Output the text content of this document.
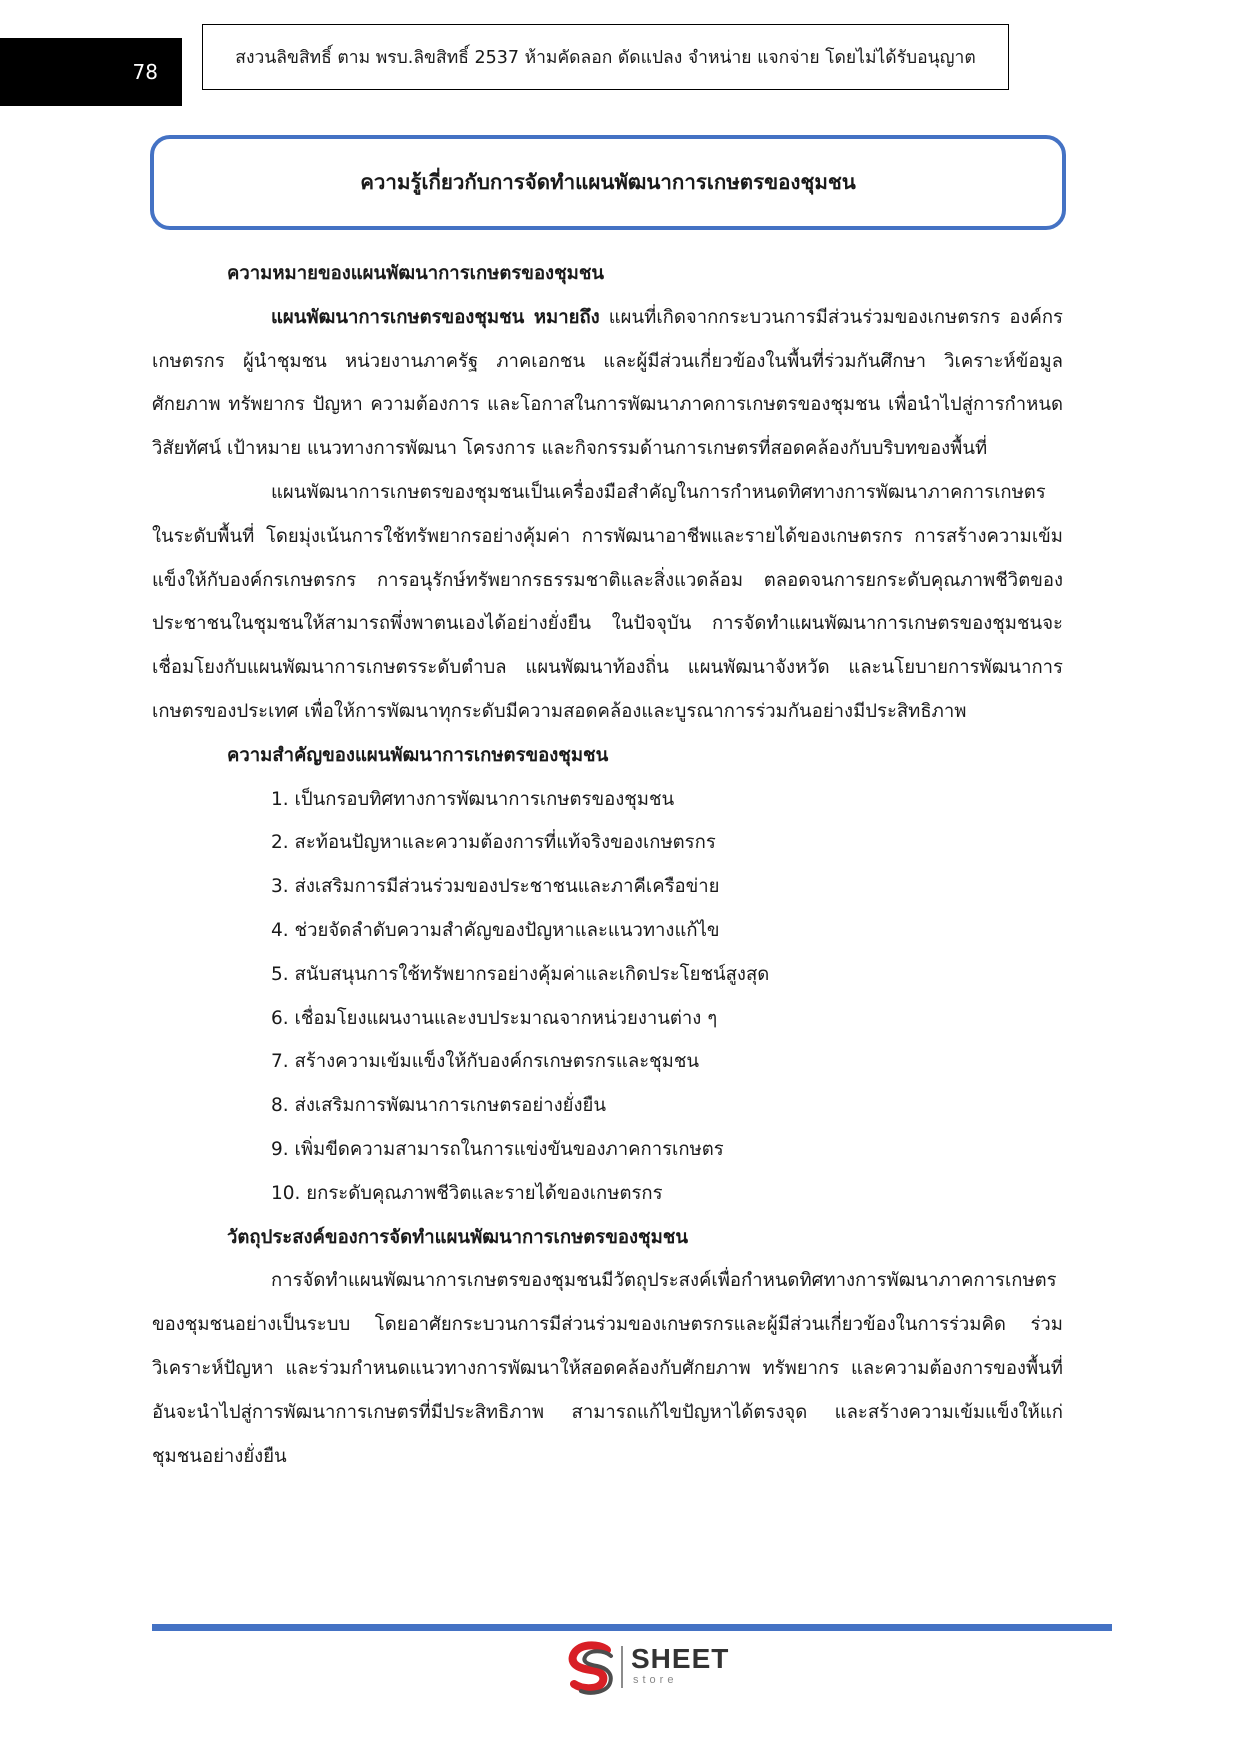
78
สงวนลิขสิทธิ์ ตาม พรบ.ลิขสิทธิ์ 2537 ห้ามคัดลอก ดัดแปลง จำหน่าย แจกจ่าย โดยไม่ได้รับอนุญาต
ความรู้เกี่ยวกับการจัดทำแผนพัฒนาการเกษตรของชุมชน

ความหมายของแผนพัฒนาการเกษตรของชุมชน

แผนพัฒนาการเกษตรของชุมชน หมายถึง แผนที่เกิดจากกระบวนการมีส่วนร่วมของเกษตรกร องค์กรเกษตรกร ผู้นำชุมชน หน่วยงานภาครัฐ ภาคเอกชน และผู้มีส่วนเกี่ยวข้องในพื้นที่ร่วมกันศึกษา วิเคราะห์ข้อมูล ศักยภาพ ทรัพยากร ปัญหา ความต้องการ และโอกาสในการพัฒนาภาคการเกษตรของชุมชน เพื่อนำไปสู่การกำหนดวิสัยทัศน์ เป้าหมาย แนวทางการพัฒนา โครงการ และกิจกรรมด้านการเกษตรที่สอดคล้องกับบริบทของพื้นที่

แผนพัฒนาการเกษตรของชุมชนเป็นเครื่องมือสำคัญในการกำหนดทิศทางการพัฒนาภาคการเกษตรในระดับพื้นที่ โดยมุ่งเน้นการใช้ทรัพยากรอย่างคุ้มค่า การพัฒนาอาชีพและรายได้ของเกษตรกร การสร้างความเข้มแข็งให้กับองค์กรเกษตรกร การอนุรักษ์ทรัพยากรธรรมชาติและสิ่งแวดล้อม ตลอดจนการยกระดับคุณภาพชีวิตของประชาชนในชุมชนให้สามารถพึ่งพาตนเองได้อย่างยั่งยืน ในปัจจุบัน การจัดทำแผนพัฒนาการเกษตรของชุมชนจะเชื่อมโยงกับแผนพัฒนาการเกษตรระดับตำบล แผนพัฒนาท้องถิ่น แผนพัฒนาจังหวัด และนโยบายการพัฒนาการเกษตรของประเทศ เพื่อให้การพัฒนาทุกระดับมีความสอดคล้องและบูรณาการร่วมกันอย่างมีประสิทธิภาพ

ความสำคัญของแผนพัฒนาการเกษตรของชุมชน

1. เป็นกรอบทิศทางการพัฒนาการเกษตรของชุมชน

2. สะท้อนปัญหาและความต้องการที่แท้จริงของเกษตรกร

3. ส่งเสริมการมีส่วนร่วมของประชาชนและภาคีเครือข่าย

4. ช่วยจัดลำดับความสำคัญของปัญหาและแนวทางแก้ไข

5. สนับสนุนการใช้ทรัพยากรอย่างคุ้มค่าและเกิดประโยชน์สูงสุด

6. เชื่อมโยงแผนงานและงบประมาณจากหน่วยงานต่าง ๆ

7. สร้างความเข้มแข็งให้กับองค์กรเกษตรกรและชุมชน

8. ส่งเสริมการพัฒนาการเกษตรอย่างยั่งยืน

9. เพิ่มขีดความสามารถในการแข่งขันของภาคการเกษตร

10. ยกระดับคุณภาพชีวิตและรายได้ของเกษตรกร

วัตถุประสงค์ของการจัดทำแผนพัฒนาการเกษตรของชุมชน

การจัดทำแผนพัฒนาการเกษตรของชุมชนมีวัตถุประสงค์เพื่อกำหนดทิศทางการพัฒนาภาคการเกษตรของชุมชนอย่างเป็นระบบ โดยอาศัยกระบวนการมีส่วนร่วมของเกษตรกรและผู้มีส่วนเกี่ยวข้องในการร่วมคิด ร่วมวิเคราะห์ปัญหา และร่วมกำหนดแนวทางการพัฒนาให้สอดคล้องกับศักยภาพ ทรัพยากร และความต้องการของพื้นที่ อันจะนำไปสู่การพัฒนาการเกษตรที่มีประสิทธิภาพ สามารถแก้ไขปัญหาได้ตรงจุด และสร้างความเข้มแข็งให้แก่ชุมชนอย่างยั่งยืน

SHEET
store
